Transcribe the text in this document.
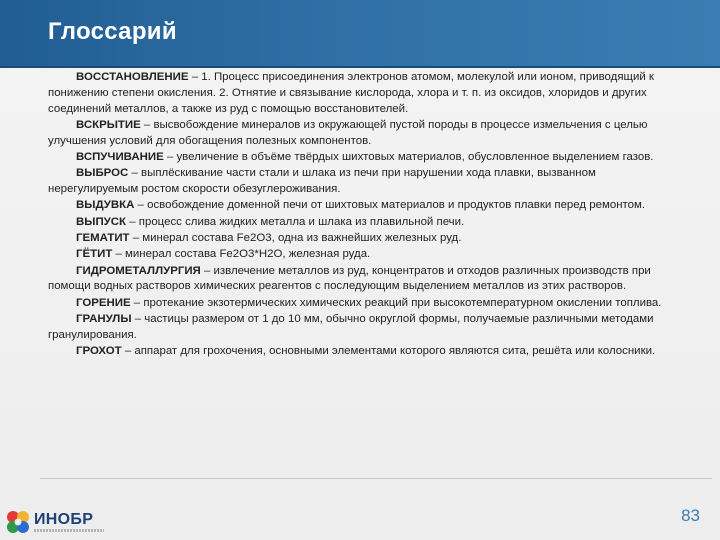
Глоссарий

ВОССТАНОВЛЕНИЕ – 1. Процесс присоединения электронов атомом, молекулой или ионом, приводящий к понижению степени окисления. 2. Отнятие и связывание кислорода, хлора и т. п. из оксидов, хлоридов и других соединений металлов, а также из руд с помощью восстановителей.

ВСКРЫТИЕ – высвобождение минералов из окружающей пустой породы в процессе измельчения с целью улучшения условий для обогащения полезных компонентов.

ВСПУЧИВАНИЕ – увеличение в объёме твёрдых шихтовых материалов, обусловленное выделением газов.

ВЫБРОС – выплёскивание части стали и шлака из печи при нарушении хода плавки, вызванном нерегулируемым ростом скорости обезуглероживания.

ВЫДУВКА – освобождение доменной печи от шихтовых материалов и продуктов плавки перед ремонтом.

ВЫПУСК – процесс слива жидких металла и шлака из плавильной печи.

ГЕМАТИТ – минерал состава Fe2O3, одна из важнейших железных руд.

ГЁТИТ – минерал состава Fe2O3*H2O, железная руда.

ГИДРОМЕТАЛЛУРГИЯ – извлечение металлов из руд, концентратов и отходов различных производств при помощи водных растворов химических реагентов с последующим выделением металлов из этих растворов.

ГОРЕНИЕ – протекание экзотермических химических реакций при высокотемпературном окислении топлива.

ГРАНУЛЫ – частицы размером от 1 до 10 мм, обычно округлой формы, получаемые различными методами гранулирования.

ГРОХОТ – аппарат для грохочения, основными элементами которого являются сита, решёта или колосники.

ИНОБР	83
